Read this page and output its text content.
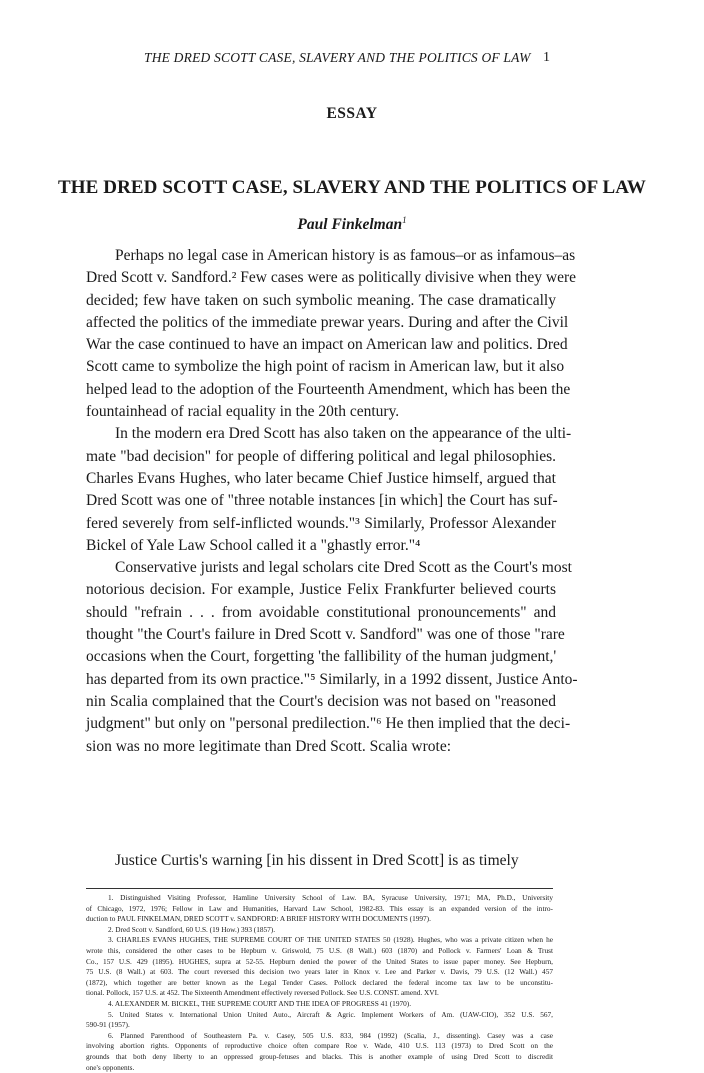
THE DRED SCOTT CASE, SLAVERY AND THE POLITICS OF LAW 1
ESSAY
THE DRED SCOTT CASE, SLAVERY AND THE POLITICS OF LAW
Paul Finkelman$^1$
Perhaps no legal case in American history is as famous–or as infamous–as
Dred Scott v. Sandford.² Few cases were as politically divisive when they were
decided; few have taken on such symbolic meaning. The case dramatically
affected the politics of the immediate prewar years. During and after the Civil
War the case continued to have an impact on American law and politics. Dred
Scott came to symbolize the high point of racism in American law, but it also
helped lead to the adoption of the Fourteenth Amendment, which has been the
fountainhead of racial equality in the 20th century.
In the modern era Dred Scott has also taken on the appearance of the ulti-
mate "bad decision" for people of differing political and legal philosophies.
Charles Evans Hughes, who later became Chief Justice himself, argued that
Dred Scott was one of "three notable instances [in which] the Court has suf-
fered severely from self-inflicted wounds."³ Similarly, Professor Alexander
Bickel of Yale Law School called it a "ghastly error."⁴
Conservative jurists and legal scholars cite Dred Scott as the Court's most
notorious decision. For example, Justice Felix Frankfurter believed courts
should "refrain . . . from avoidable constitutional pronouncements" and
thought "the Court's failure in Dred Scott v. Sandford" was one of those "rare
occasions when the Court, forgetting 'the fallibility of the human judgment,'
has departed from its own practice."⁵ Similarly, in a 1992 dissent, Justice Anto-
nin Scalia complained that the Court's decision was not based on "reasoned
judgment" but only on "personal predilection."⁶ He then implied that the deci-
sion was no more legitimate than Dred Scott. Scalia wrote:
Justice Curtis's warning [in his dissent in Dred Scott] is as timely
1. Distinguished Visiting Professor, Hamline University School of Law. BA, Syracuse University, 1971; MA, Ph.D., University
of Chicago, 1972, 1976; Fellow in Law and Humanities, Harvard Law School, 1982-83. This essay is an expanded version of the intro-
duction to PAUL FINKELMAN, DRED SCOTT v. SANDFORD: A BRIEF HISTORY WITH DOCUMENTS (1997).
2. Dred Scott v. Sandford, 60 U.S. (19 How.) 393 (1857).
3. CHARLES EVANS HUGHES, THE SUPREME COURT OF THE UNITED STATES 50 (1928). Hughes, who was a private citizen when he
wrote this, considered the other cases to be Hepburn v. Griswold, 75 U.S. (8 Wall.) 603 (1870) and Pollock v. Farmers' Loan & Trust
Co., 157 U.S. 429 (1895). HUGHES, supra at 52-55. Hepburn denied the power of the United States to issue paper money. See Hepburn,
75 U.S. (8 Wall.) at 603. The court reversed this decision two years later in Knox v. Lee and Parker v. Davis, 79 U.S. (12 Wall.) 457
(1872), which together are better known as the Legal Tender Cases. Pollock declared the federal income tax law to be unconstitu-
tional. Pollock, 157 U.S. at 452. The Sixteenth Amendment effectively reversed Pollock. See U.S. CONST. amend. XVI.
4. ALEXANDER M. BICKEL, THE SUPREME COURT AND THE IDEA OF PROGRESS 41 (1970).
5. United States v. International Union United Auto., Aircraft & Agric. Implement Workers of Am. (UAW-CIO), 352 U.S. 567,
590-91 (1957).
6. Planned Parenthood of Southeastern Pa. v. Casey, 505 U.S. 833, 984 (1992) (Scalia, J., dissenting). Casey was a case
involving abortion rights. Opponents of reproductive choice often compare Roe v. Wade, 410 U.S. 113 (1973) to Dred Scott on the
grounds that both deny liberty to an oppressed group-fetuses and blacks. This is another example of using Dred Scott to discredit
one's opponents.
